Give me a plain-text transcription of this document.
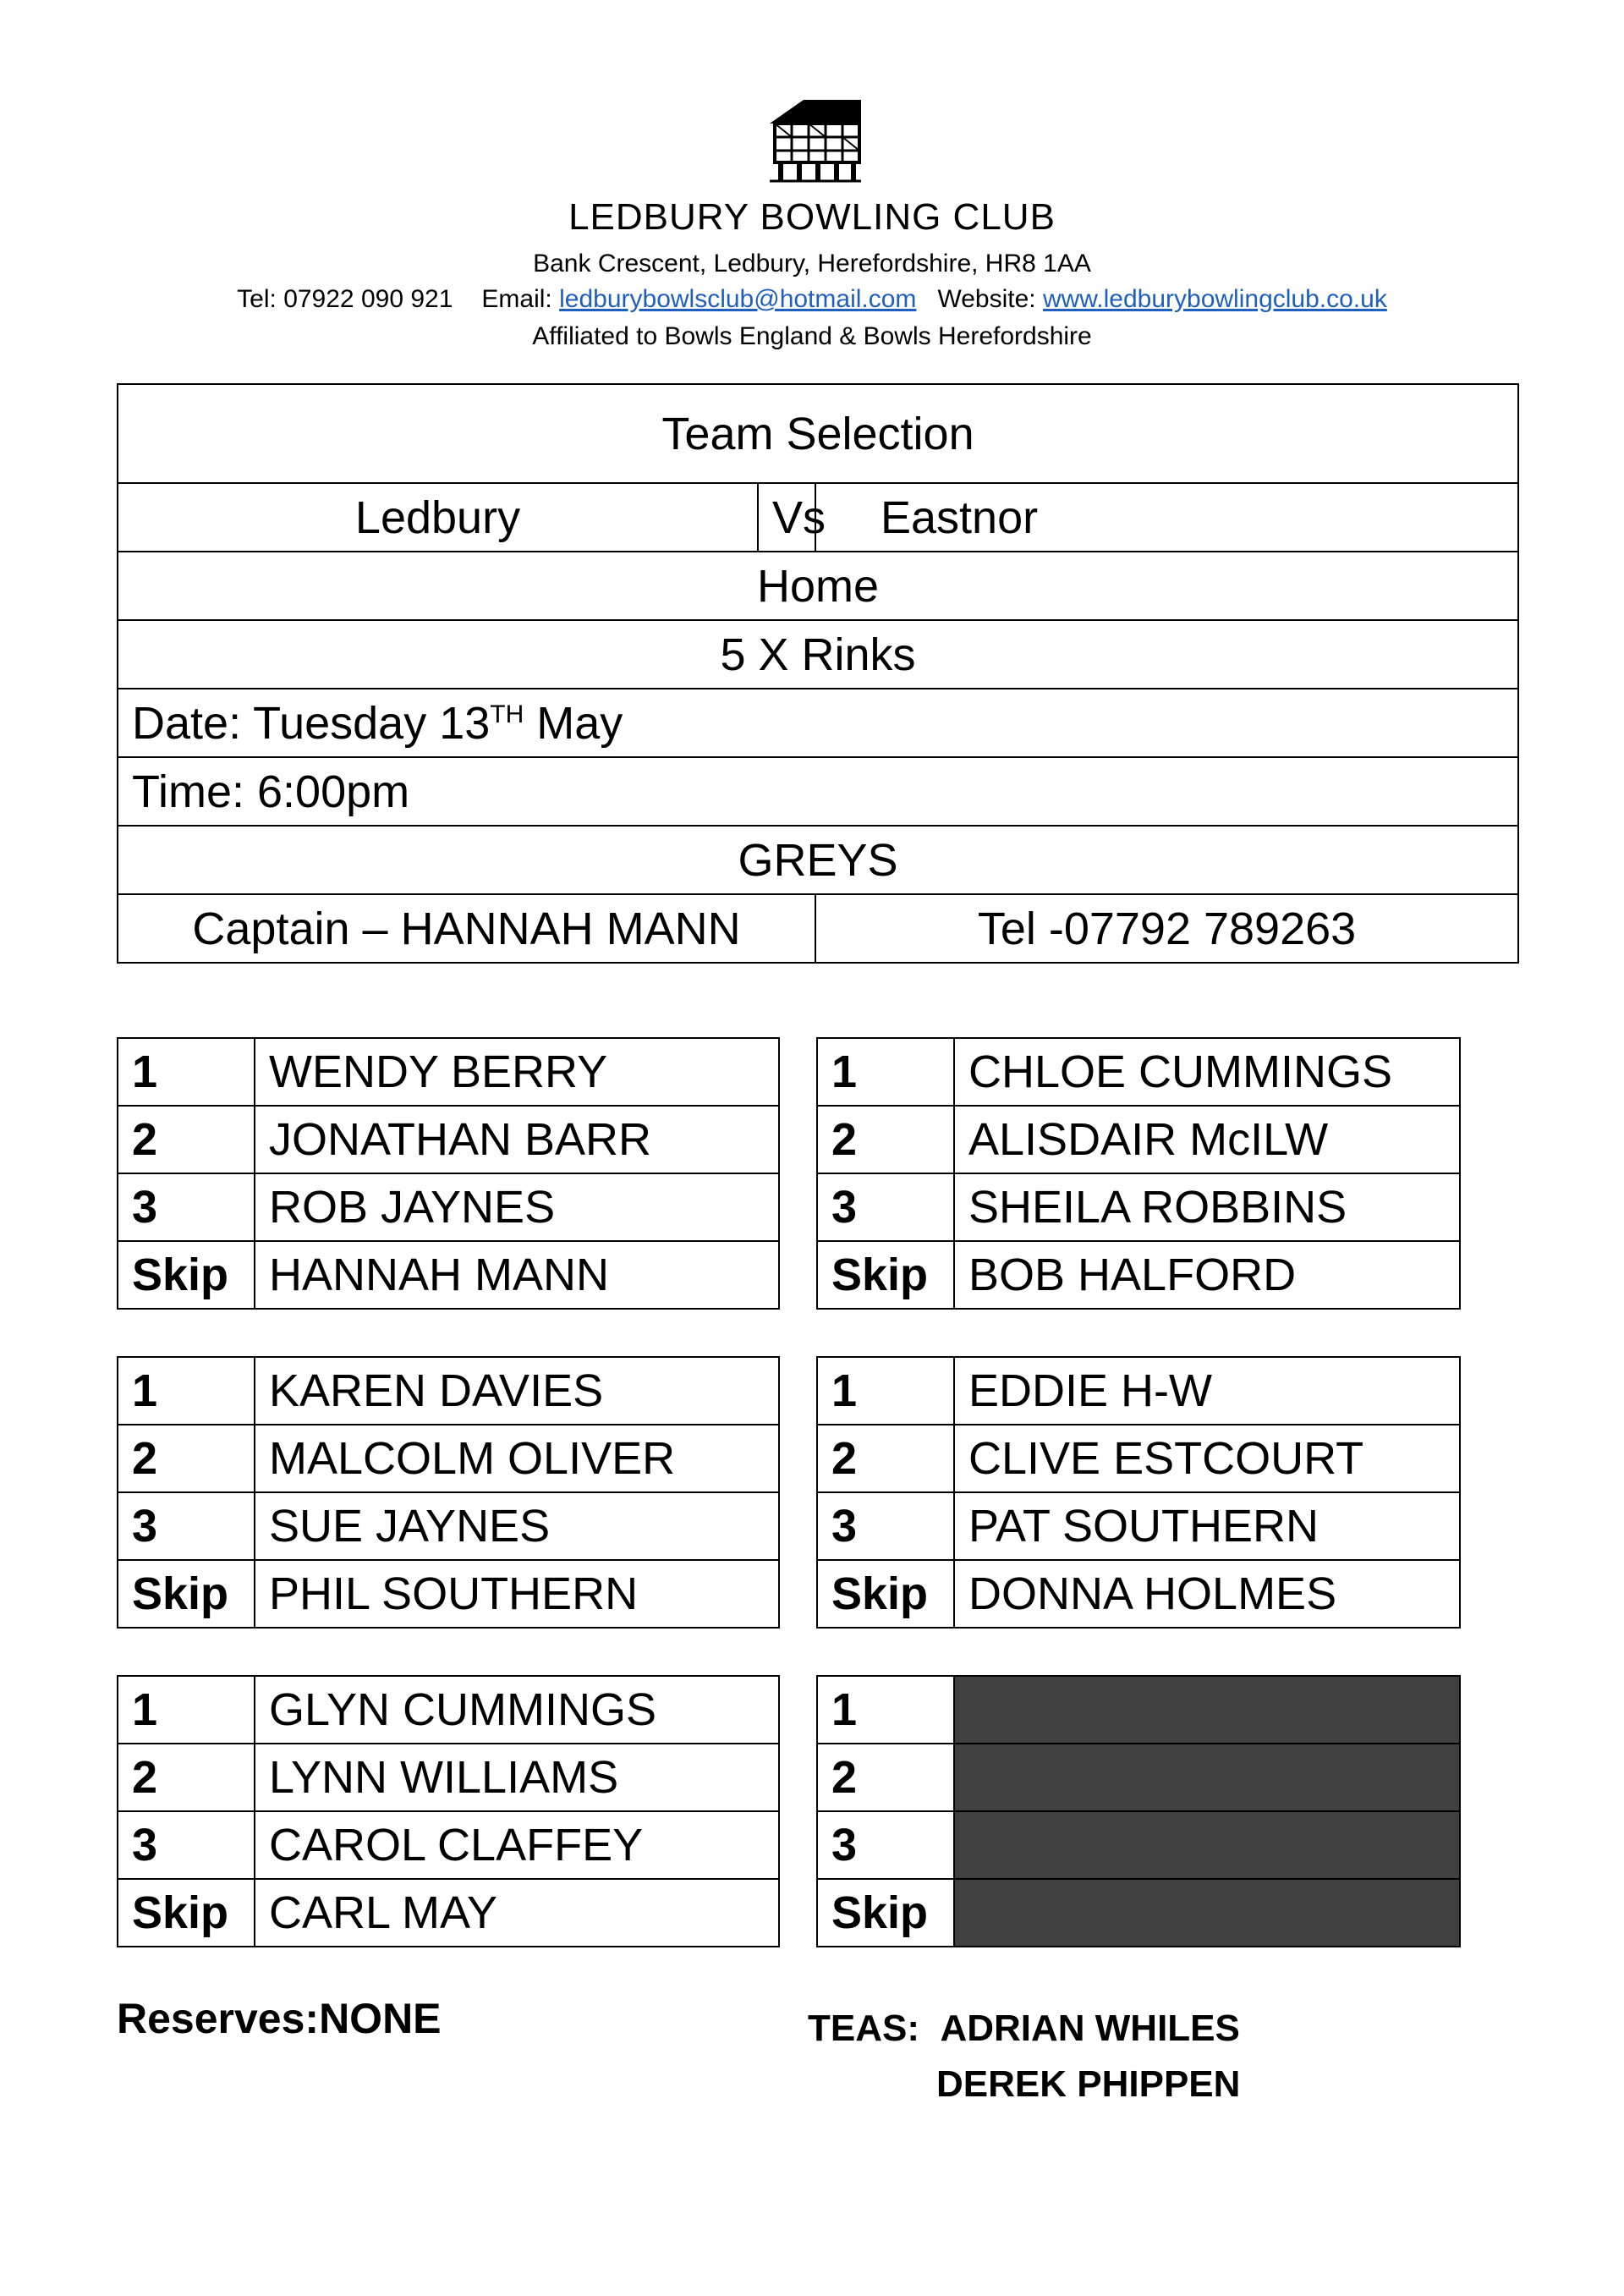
LEDBURY BOWLING CLUB
Bank Crescent, Ledbury, Herefordshire, HR8 1AA
Tel: 07922 090 921 Email: ledburybowlsclub@hotmail.com Website: www.ledburybowlingclub.co.uk
Affiliated to Bowls England & Bowls Herefordshire
Team Selection		
Ledbury	Vs	Eastnor
Home		
5 X Rinks		
Date: Tuesday 13TH May		
Time: 6:00pm		
GREYS		
Captain – HANNAH MANN		Tel -07792 789263
1	WENDY BERRY
2	JONATHAN BARR
3	ROB JAYNES
Skip	HANNAH MANN
1	CHLOE CUMMINGS
2	ALISDAIR McILW
3	SHEILA ROBBINS
Skip	BOB HALFORD
1	KAREN DAVIES
2	MALCOLM OLIVER
3	SUE JAYNES
Skip	PHIL SOUTHERN
1	EDDIE H-W
2	CLIVE ESTCOURT
3	PAT SOUTHERN
Skip	DONNA HOLMES
1	GLYN CUMMINGS
2	LYNN WILLIAMS
3	CAROL CLAFFEY
Skip	CARL MAY
1	
2	
3	
Skip	
Reserves:NONE	TEAS: ADRIAN WHILES
DEREK PHIPPEN
